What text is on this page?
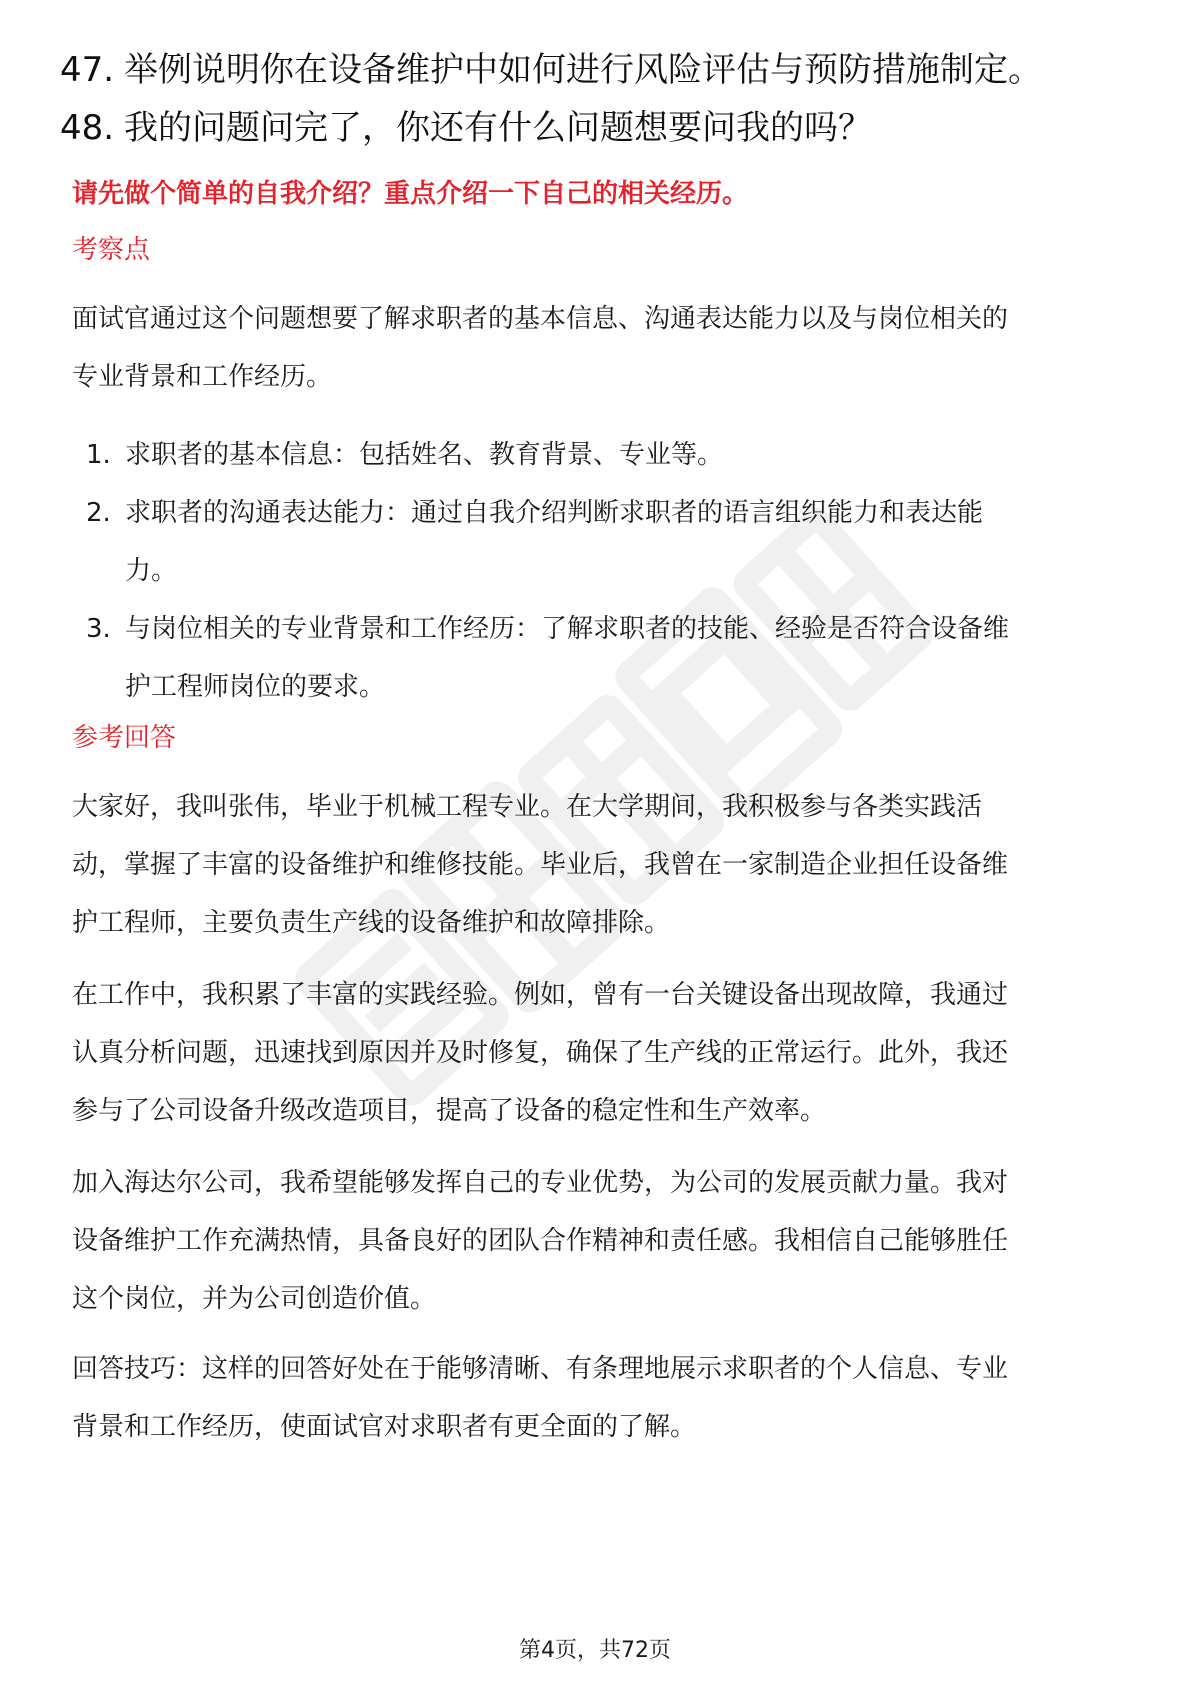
47. 举例说明你在设备维护中如何进行风险评估与预防措施制定。
48. 我的问题问完了，你还有什么问题想要问我的吗？
请先做个简单的自我介绍？重点介绍一下自己的相关经历。
考察点
面试官通过这个问题想要了解求职者的基本信息、沟通表达能力以及与岗位相关的
专业背景和工作经历。
1. 求职者的基本信息：包括姓名、教育背景、专业等。
2. 求职者的沟通表达能力：通过自我介绍判断求职者的语言组织能力和表达能
力。
3. 与岗位相关的专业背景和工作经历：了解求职者的技能、经验是否符合设备维
护工程师岗位的要求。
参考回答
大家好，我叫张伟，毕业于机械工程专业。在大学期间，我积极参与各类实践活
动，掌握了丰富的设备维护和维修技能。毕业后，我曾在一家制造企业担任设备维
护工程师，主要负责生产线的设备维护和故障排除。
在工作中，我积累了丰富的实践经验。例如，曾有一台关键设备出现故障，我通过
认真分析问题，迅速找到原因并及时修复，确保了生产线的正常运行。此外，我还
参与了公司设备升级改造项目，提高了设备的稳定性和生产效率。
加入海达尔公司，我希望能够发挥自己的专业优势，为公司的发展贡献力量。我对
设备维护工作充满热情，具备良好的团队合作精神和责任感。我相信自己能够胜任
这个岗位，并为公司创造价值。
回答技巧：这样的回答好处在于能够清晰、有条理地展示求职者的个人信息、专业
背景和工作经历，使面试官对求职者有更全面的了解。
第4页，共72页
